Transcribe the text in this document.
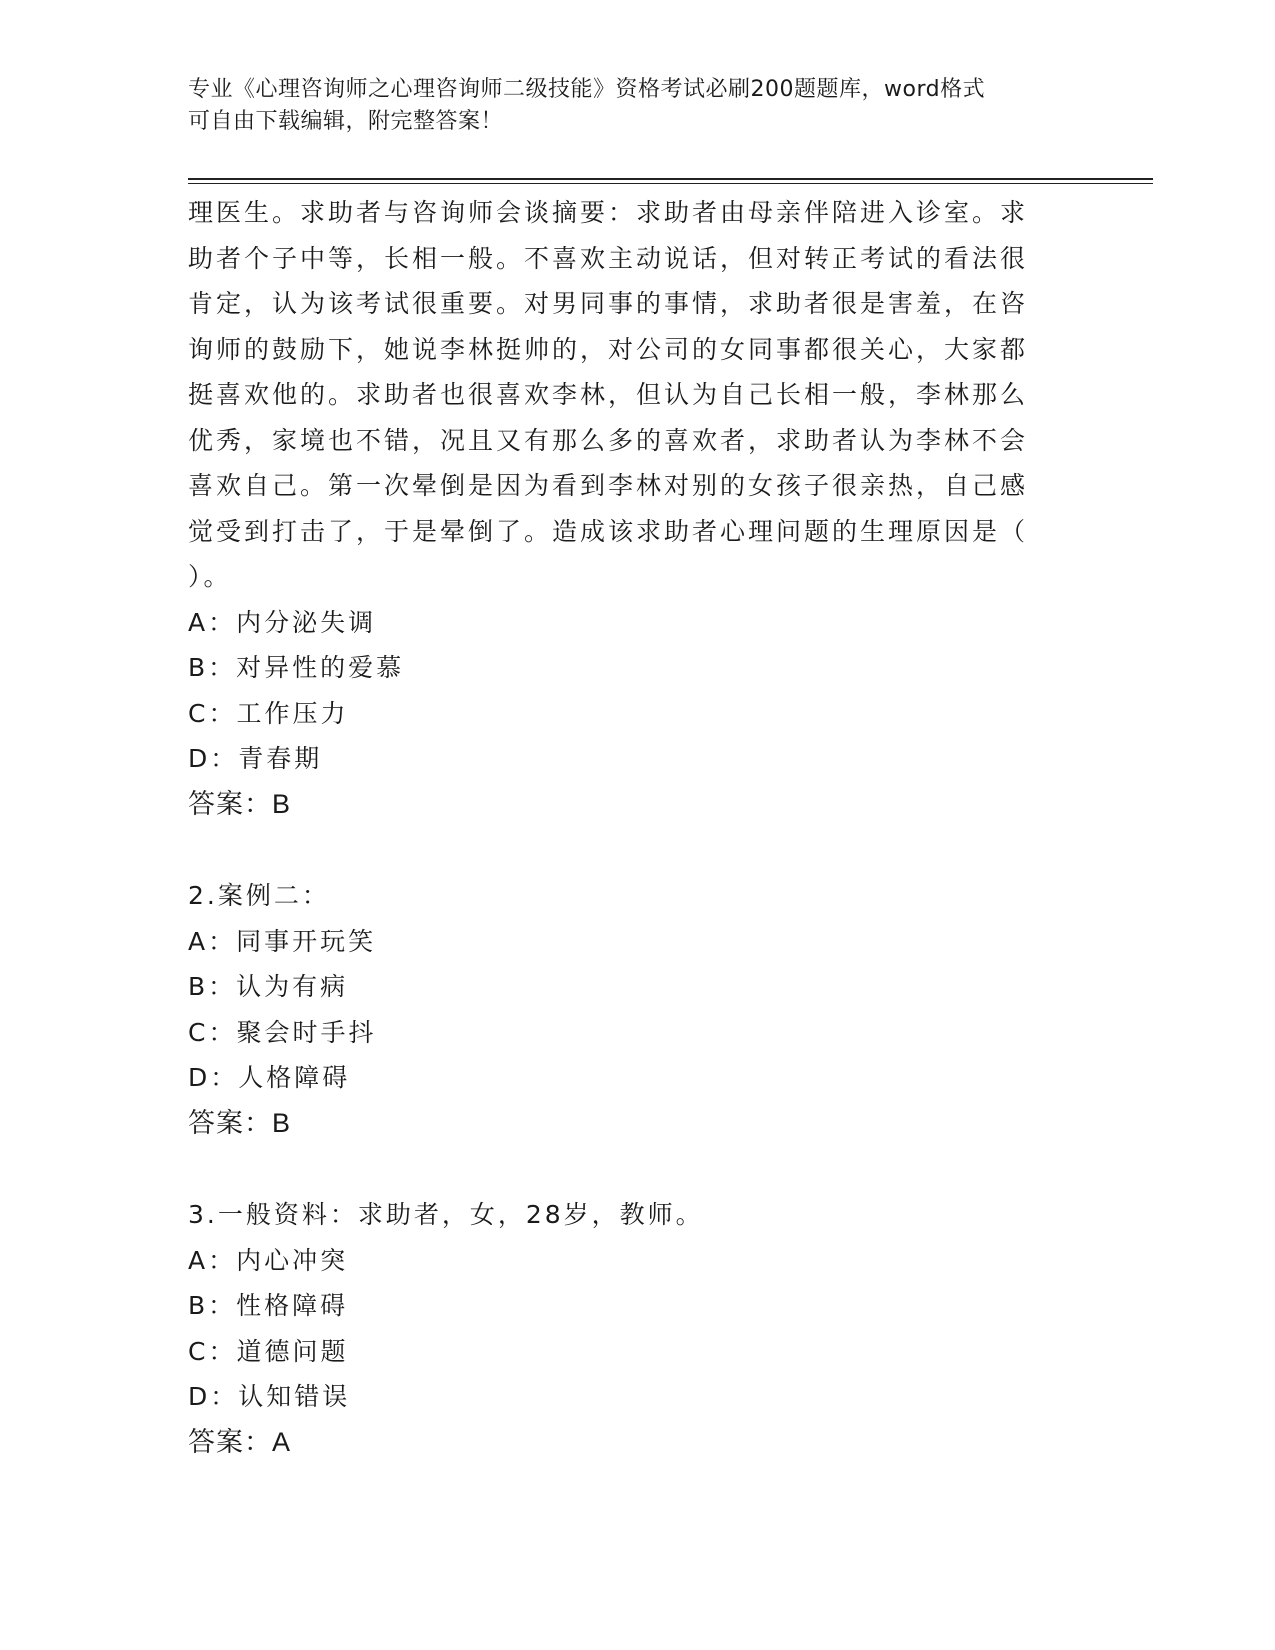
专业《心理咨询师之心理咨询师二级技能》资格考试必刷200题题库，word格式
可自由下载编辑，附完整答案！
理医生。求助者与咨询师会谈摘要：求助者由母亲伴陪进入诊室。求
助者个子中等，长相一般。不喜欢主动说话，但对转正考试的看法很
肯定，认为该考试很重要。对男同事的事情，求助者很是害羞，在咨
询师的鼓励下，她说李林挺帅的，对公司的女同事都很关心，大家都
挺喜欢他的。求助者也很喜欢李林，但认为自己长相一般，李林那么
优秀，家境也不错，况且又有那么多的喜欢者，求助者认为李林不会
喜欢自己。第一次晕倒是因为看到李林对别的女孩子很亲热，自己感
觉受到打击了，于是晕倒了。造成该求助者心理问题的生理原因是（
）。
A：内分泌失调
B：对异性的爱慕
C：工作压力
D：青春期
答案：B
2.案例二：
A：同事开玩笑
B：认为有病
C：聚会时手抖
D：人格障碍
答案：B
3.一般资料：求助者，女，28岁，教师。
A：内心冲突
B：性格障碍
C：道德问题
D：认知错误
答案：A
